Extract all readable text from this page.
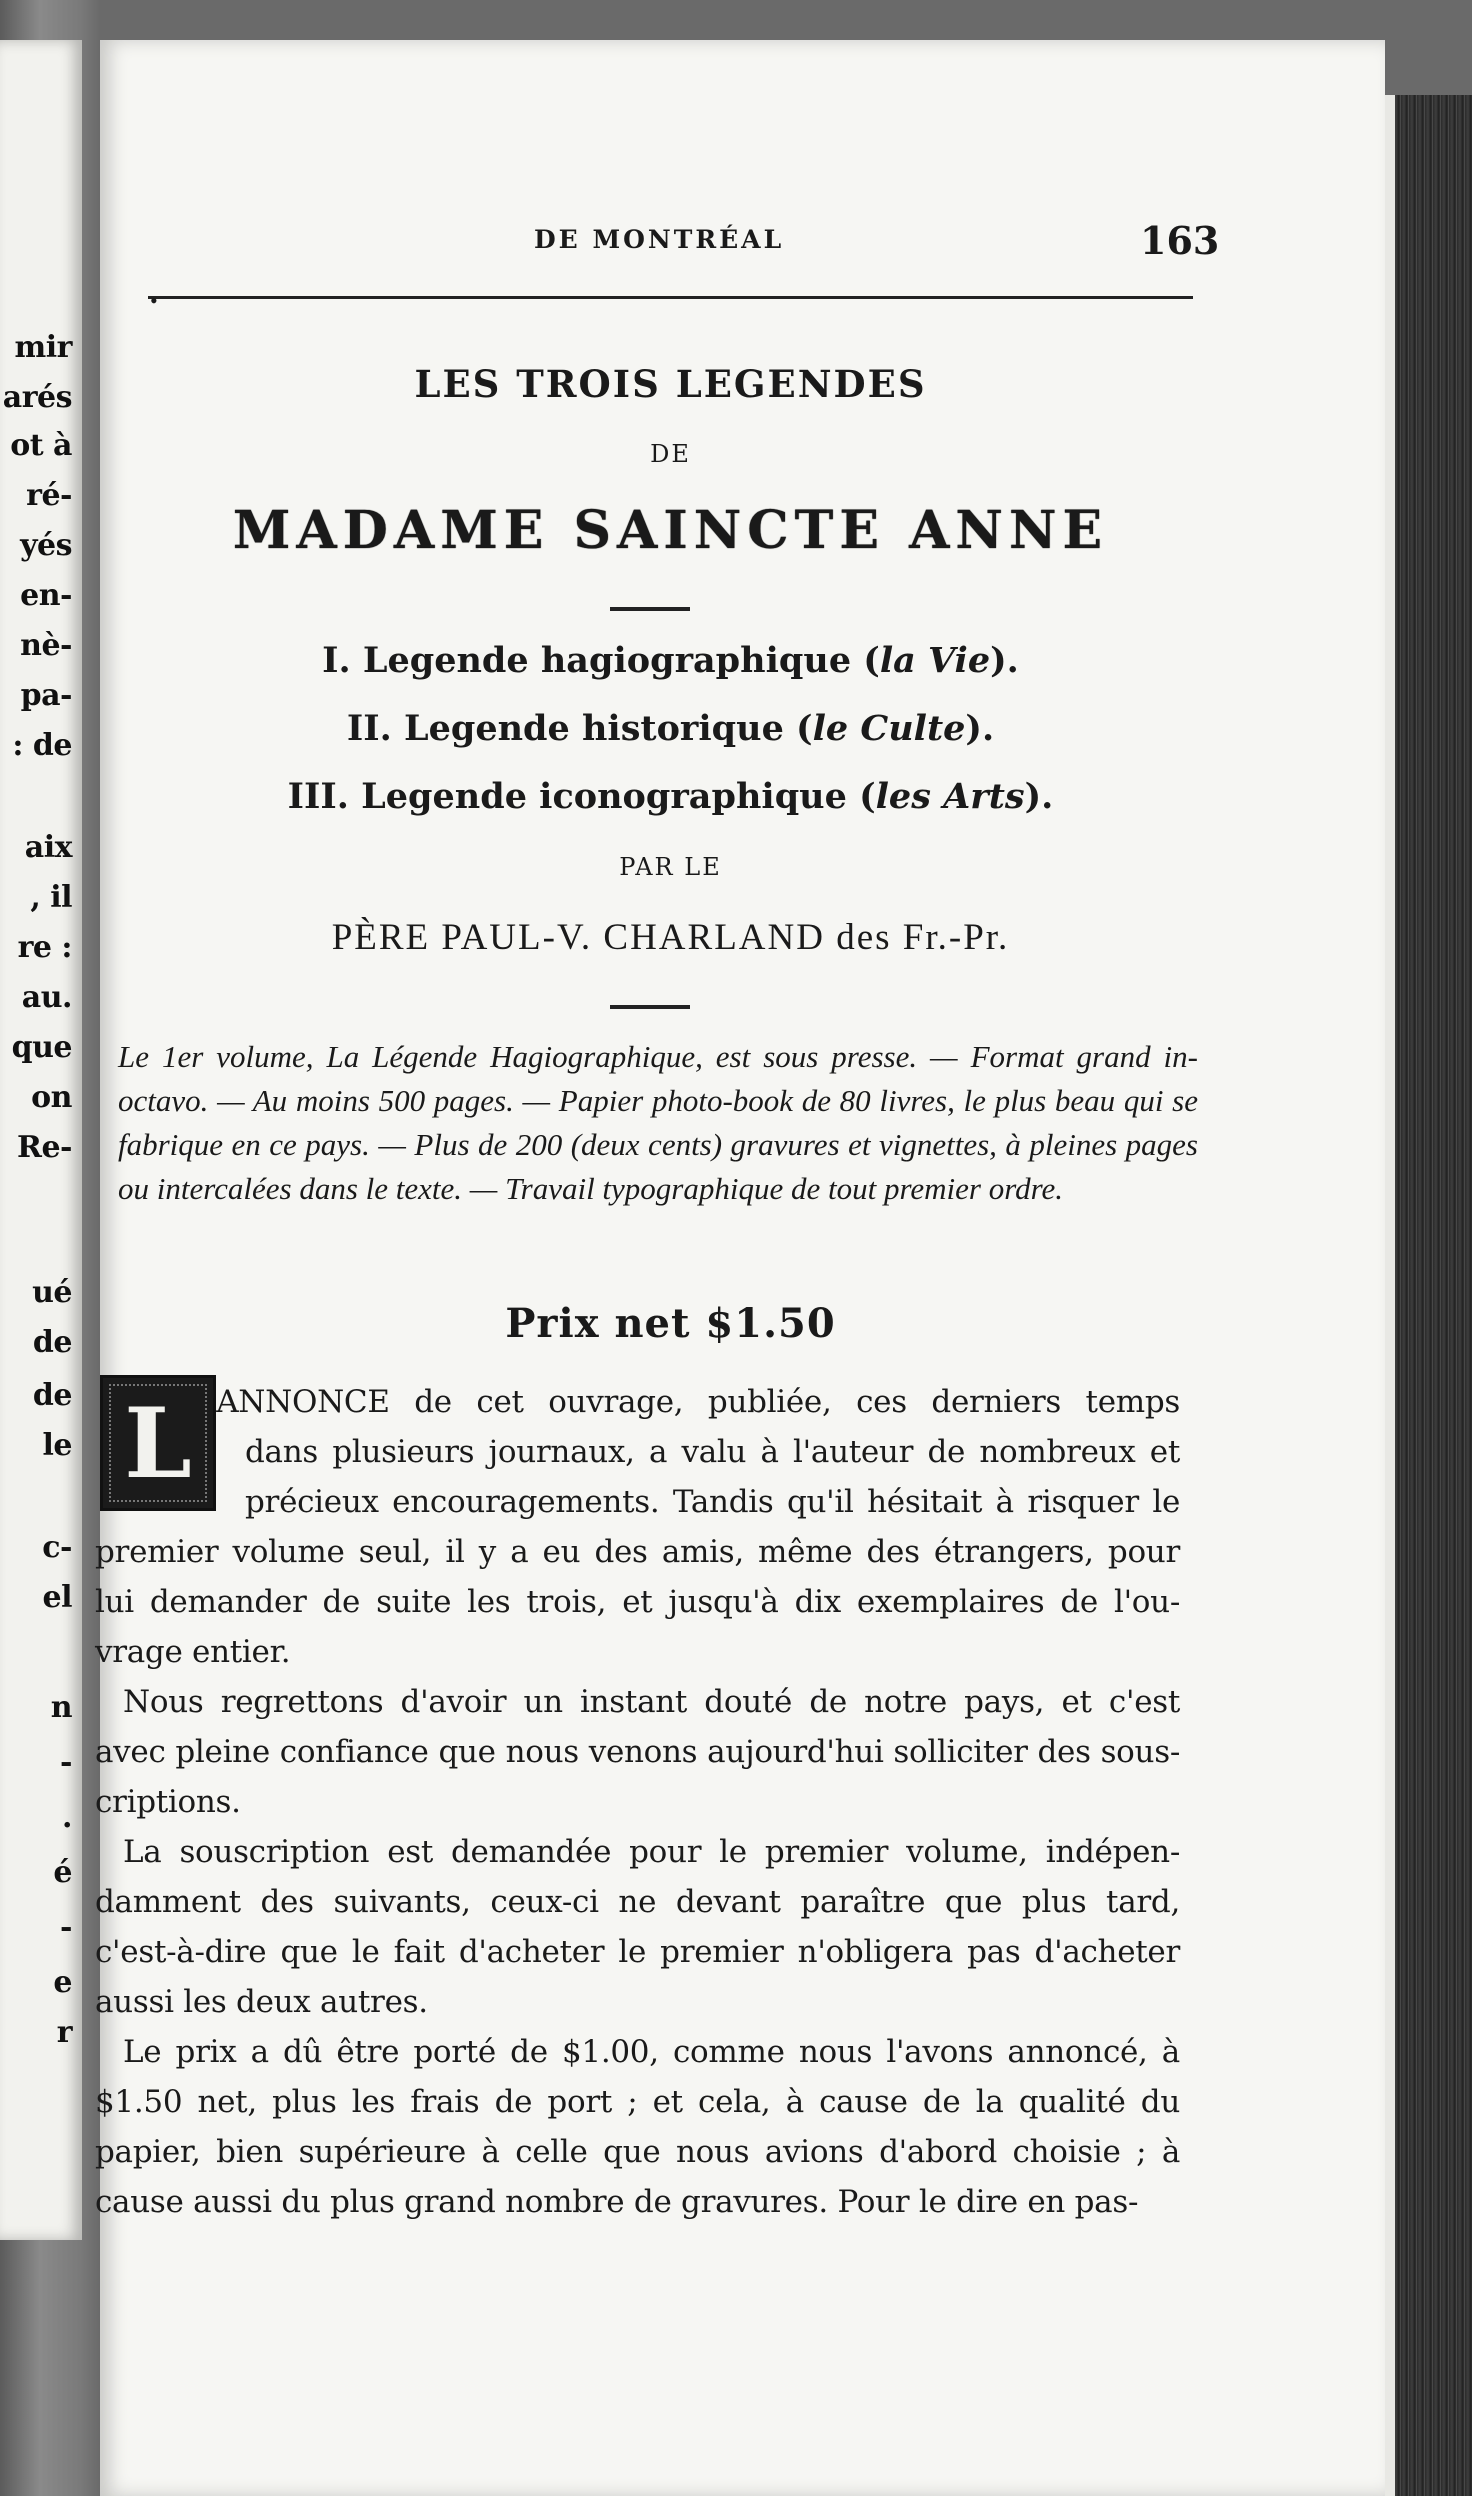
mir
arés
ot à
ré-
yés
en-
nè-
pa-
: de
aix
, il
re :
au.
que
on
Re-
ué
de
de
le
c-
el
n
-
.
é
-
e
r
DE MONTRÉAL	163
•
LES TROIS LEGENDES
DE
MADAME SAINCTE ANNE
I. Legende hagiographique (la Vie).
II. Legende historique (le Culte).
III. Legende iconographique (les Arts).
PAR LE
PÈRE PAUL-V. CHARLAND des Fr.-Pr.
Le 1er volume, La Légende Hagiographique, est sous presse. — Format grand in-octavo. — Au moins 500 pages. — Papier photo-book de 80 livres, le plus beau qui se fabrique en ce pays. — Plus de 200 (deux cents) gravures et vignettes, à pleines pages ou intercalées dans le texte. — Travail typographique de tout premier ordre.
Prix net $1.50
L 'ANNONCE de cet ouvrage, publiée, ces derniers temps
dans plusieurs journaux, a valu à l'auteur de nombreux et
précieux encouragements. Tandis qu'il hésitait à risquer le
premier volume seul, il y a eu des amis, même des étrangers, pour
lui demander de suite les trois, et jusqu'à dix exemplaires de l'ou-
vrage entier.
Nous regrettons d'avoir un instant douté de notre pays, et c'est
avec pleine confiance que nous venons aujourd'hui solliciter des sous-
criptions.
La souscription est demandée pour le premier volume, indépen-
damment des suivants, ceux-ci ne devant paraître que plus tard,
c'est-à-dire que le fait d'acheter le premier n'obligera pas d'acheter
aussi les deux autres.
Le prix a dû être porté de $1.00, comme nous l'avons annoncé, à
$1.50 net, plus les frais de port ; et cela, à cause de la qualité du
papier, bien supérieure à celle que nous avions d'abord choisie ; à
cause aussi du plus grand nombre de gravures. Pour le dire en pas-
